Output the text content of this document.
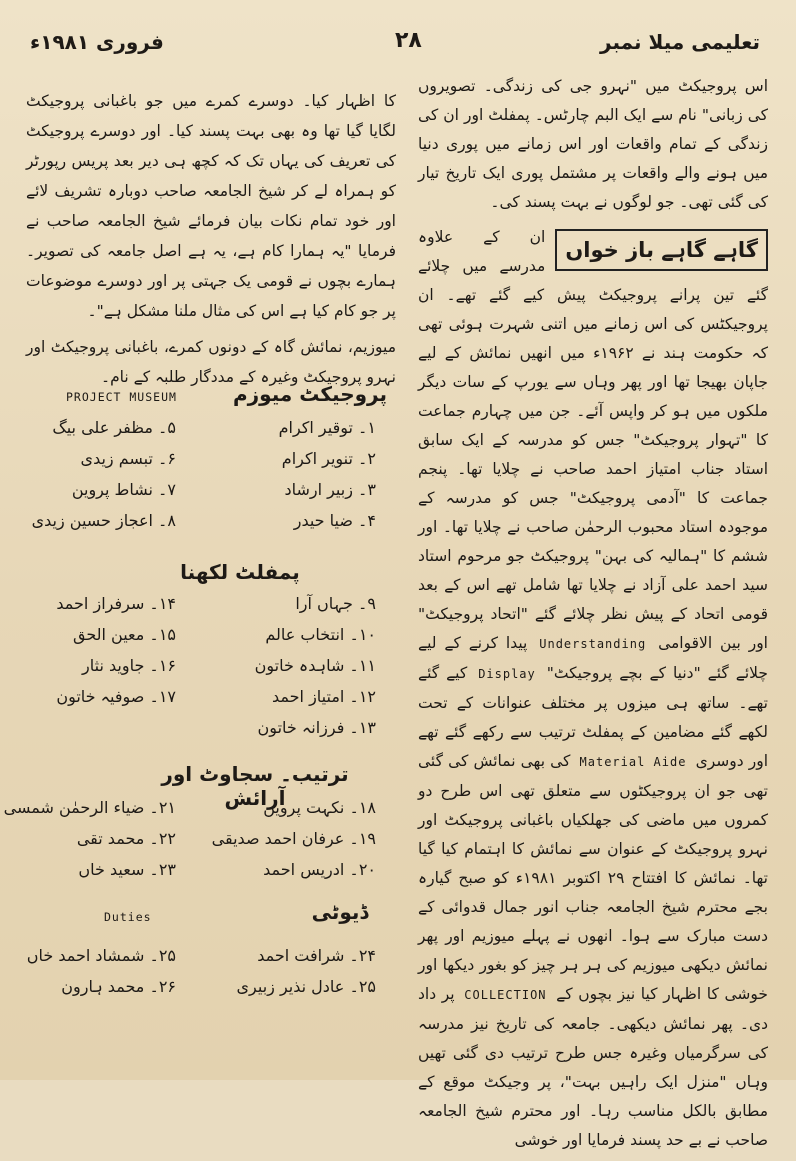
تعلیمی میلا نمبر
۲۸
فروری ۱۹۸۱ء

اس پروجیکٹ میں "نہرو جی کی زندگی۔ تصویروں کی زبانی" نام سے ایک البم چارٹس۔ پمفلٹ اور ان کی زندگی کے تمام واقعات اور اس زمانے میں پوری دنیا میں ہونے والے واقعات پر مشتمل پوری ایک تاریخ تیار کی گئی تھی۔ جو لوگوں نے بہت پسند کی۔

گاہے گاہے باز خواں

ان کے علاوہ مدرسے میں چلائے گئے تین پرانے پروجیکٹ پیش کیے گئے تھے۔ ان پروجیکٹس کی اس زمانے میں اتنی شہرت ہوئی تھی کہ حکومت ہند نے ۱۹۶۲ء میں انھیں نمائش کے لیے جاپان بھیجا تھا اور پھر وہاں سے یورپ کے سات دیگر ملکوں میں ہو کر واپس آئے۔ جن میں چہارم جماعت کا "تہوار پروجیکٹ" جس کو مدرسہ کے ایک سابق استاد جناب امتیاز احمد صاحب نے چلایا تھا۔ پنجم جماعت کا "آدمی پروجیکٹ" جس کو مدرسہ کے موجودہ استاد محبوب الرحمٰن صاحب نے چلایا تھا۔ اور ششم کا "ہمالیہ کی بہن" پروجیکٹ جو مرحوم استاد سید احمد علی آزاد نے چلایا تھا شامل تھے اس کے بعد قومی اتحاد کے پیش نظر چلائے گئے "اتحاد پروجیکٹ" اور بین الاقوامی Understanding پیدا کرنے کے لیے چلائے گئے "دنیا کے بچے پروجیکٹ" Display کیے گئے تھے۔ ساتھ ہی میزوں پر مختلف عنوانات کے تحت لکھے گئے مضامین کے پمفلٹ ترتیب سے رکھے گئے تھے اور دوسری Material Aide کی بھی نمائش کی گئی تھی جو ان پروجیکٹوں سے متعلق تھی اس طرح دو کمروں میں ماضی کی جھلکیاں باغبانی پروجیکٹ اور نہرو پروجیکٹ کے عنوان سے نمائش کا اہتمام کیا گیا تھا۔ نمائش کا افتتاح ۲۹ اکتوبر ۱۹۸۱ء کو صبح گیارہ بجے محترم شیخ الجامعہ جناب انور جمال قدوائی کے دست مبارک سے ہوا۔ انھوں نے پہلے میوزیم اور پھر نمائش دیکھی میوزیم کی ہر ہر چیز کو بغور دیکھا اور خوشی کا اظہار کیا نیز بچوں کے COLLECTION پر داد دی۔ پھر نمائش دیکھی۔ جامعہ کی تاریخ نیز مدرسہ کی سرگرمیاں وغیرہ جس طرح ترتیب دی گئی تھیں وہاں "منزل ایک راہیں بہت"، پر وجیکٹ موقع کے مطابق بالکل مناسب رہا۔ اور محترم شیخ الجامعہ صاحب نے بے حد پسند فرمایا اور خوشی

کا اظہار کیا۔ دوسرے کمرے میں جو باغبانی پروجیکٹ لگایا گیا تھا وہ بھی بہت پسند کیا۔ اور دوسرے پروجیکٹ کی تعریف کی یہاں تک کہ کچھ ہی دیر بعد پریس رپورٹر کو ہمراہ لے کر شیخ الجامعہ صاحب دوبارہ تشریف لائے اور خود تمام نکات بیان فرمائے شیخ الجامعہ صاحب نے فرمایا "یہ ہمارا کام ہے، یہ ہے اصل جامعہ کی تصویر۔ ہمارے بچوں نے قومی یک جہتی پر اور دوسرے موضوعات پر جو کام کیا ہے اس کی مثال ملنا مشکل ہے"۔

میوزیم، نمائش گاہ کے دونوں کمرے، باغبانی پروجیکٹ اور نہرو پروجیکٹ وغیرہ کے مددگار طلبہ کے نام۔

پروجیکٹ میوزم
PROJECT MUSEUM
۱۔ توقیر اکرام
۲۔ تنویر اکرام
۳۔ زبیر ارشاد
۴۔ ضیا حیدر
۵۔ مظفر علی بیگ
۶۔ تبسم زیدی
۷۔ نشاط پروین
۸۔ اعجاز حسین زیدی
پمفلٹ لکھنا
۹۔ جہاں آرا
۱۰۔ انتخاب عالم
۱۱۔ شاہدہ خاتون
۱۲۔ امتیاز احمد
۱۳۔ فرزانہ خاتون
۱۴۔ سرفراز احمد
۱۵۔ معین الحق
۱۶۔ جاوید نثار
۱۷۔ صوفیہ خاتون
ترتیب۔ سجاوٹ اور آرائش
۱۸۔ نکہت پروین
۱۹۔ عرفان احمد صدیقی
۲۰۔ ادریس احمد
۲۱۔ ضیاء الرحمٰن شمسی
۲۲۔ محمد تقی
۲۳۔ سعید خاں
ڈیوٹی
Duties
۲۴۔ شرافت احمد
۲۵۔ عادل نذیر زبیری
۲۵۔ شمشاد احمد خاں
۲۶۔ محمد ہارون
